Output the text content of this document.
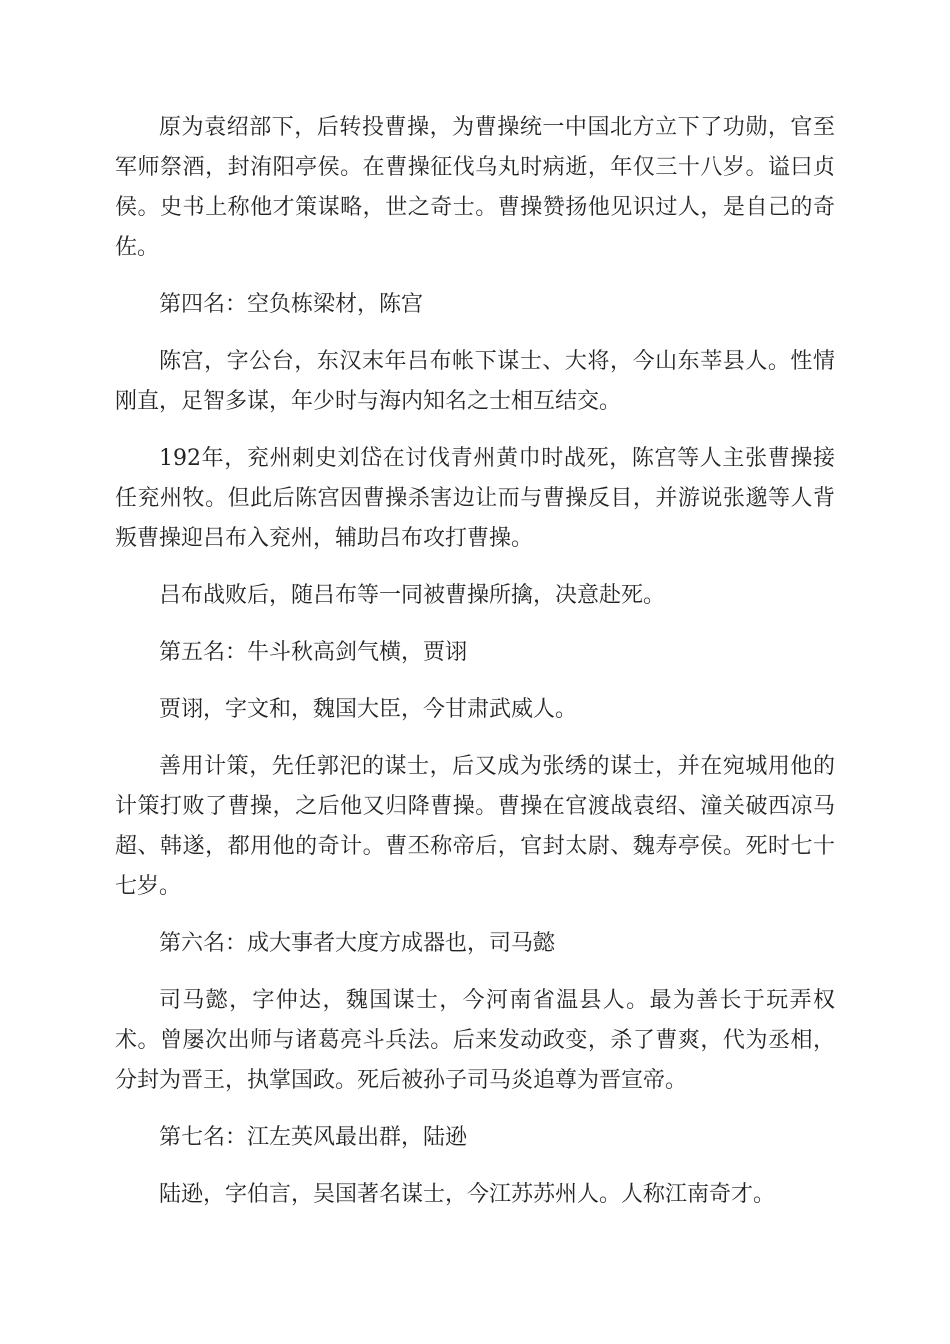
原为袁绍部下，后转投曹操，为曹操统一中国北方立下了功勋，官至军师祭酒，封洧阳亭侯。在曹操征伐乌丸时病逝，年仅三十八岁。谥曰贞侯。史书上称他才策谋略，世之奇士。曹操赞扬他见识过人，是自己的奇佐。

第四名：空负栋梁材，陈宫

陈宫，字公台，东汉末年吕布帐下谋士、大将，今山东莘县人。性情刚直，足智多谋，年少时与海内知名之士相互结交。

192年，兖州刺史刘岱在讨伐青州黄巾时战死，陈宫等人主张曹操接任兖州牧。但此后陈宫因曹操杀害边让而与曹操反目，并游说张邈等人背叛曹操迎吕布入兖州，辅助吕布攻打曹操。

吕布战败后，随吕布等一同被曹操所擒，决意赴死。

第五名：牛斗秋高剑气横，贾诩

贾诩，字文和，魏国大臣，今甘肃武威人。

善用计策，先任郭汜的谋士，后又成为张绣的谋士，并在宛城用他的计策打败了曹操，之后他又归降曹操。曹操在官渡战袁绍、潼关破西凉马超、韩遂，都用他的奇计。曹丕称帝后，官封太尉、魏寿亭侯。死时七十七岁。

第六名：成大事者大度方成器也，司马懿

司马懿，字仲达，魏国谋士，今河南省温县人。最为善长于玩弄权术。曾屡次出师与诸葛亮斗兵法。后来发动政变，杀了曹爽，代为丞相，分封为晋王，执掌国政。死后被孙子司马炎追尊为晋宣帝。

第七名：江左英风最出群，陆逊

陆逊，字伯言，吴国著名谋士，今江苏苏州人。人称江南奇才。
